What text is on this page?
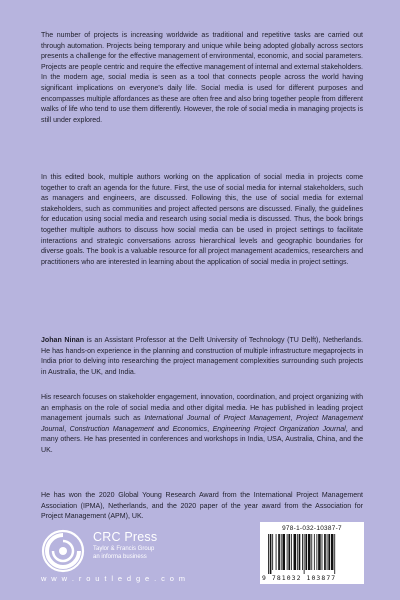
The number of projects is increasing worldwide as traditional and repetitive tasks are carried out through automation. Projects being temporary and unique while being adopted globally across sectors presents a challenge for the effective management of environmental, economic, and social parameters. Projects are people centric and require the effective management of internal and external stakeholders. In the modern age, social media is seen as a tool that connects people across the world having significant implications on everyone's daily life. Social media is used for different purposes and encompasses multiple affordances as these are often free and also bring together people from different walks of life who tend to use them differently. However, the role of social media in managing projects is still under explored.

In this edited book, multiple authors working on the application of social media in projects come together to craft an agenda for the future. First, the use of social media for internal stakeholders, such as managers and engineers, are discussed. Following this, the use of social media for external stakeholders, such as communities and project affected persons are discussed. Finally, the guidelines for education using social media and research using social media is discussed. Thus, the book brings together multiple authors to discuss how social media can be used in project settings to facilitate interactions and strategic conversations across hierarchical levels and geographic boundaries for diverse goals. The book is a valuable resource for all project management academics, researchers and practitioners who are interested in learning about the application of social media in project settings.

Johan Ninan is an Assistant Professor at the Delft University of Technology (TU Delft), Netherlands. He has hands-on experience in the planning and construction of multiple infrastructure megaprojects in India prior to delving into researching the project management complexities surrounding such projects in Australia, the UK, and India.

His research focuses on stakeholder engagement, innovation, coordination, and project organizing with an emphasis on the role of social media and other digital media. He has published in leading project management journals such as International Journal of Project Management, Project Management Journal, Construction Management and Economics, Engineering Project Organization Journal, and many others. He has presented in conferences and workshops in India, USA, Australia, China, and the UK.

He has won the 2020 Global Young Research Award from the International Project Management Association (IPMA), Netherlands, and the 2020 paper of the year award from the Association for Project Management (APM), UK.

CRC Press
Taylor & Francis Group
an informa business
w w w . r o u t l e d g e . c o m
978-1-032-10387-7
9 781032 103877
